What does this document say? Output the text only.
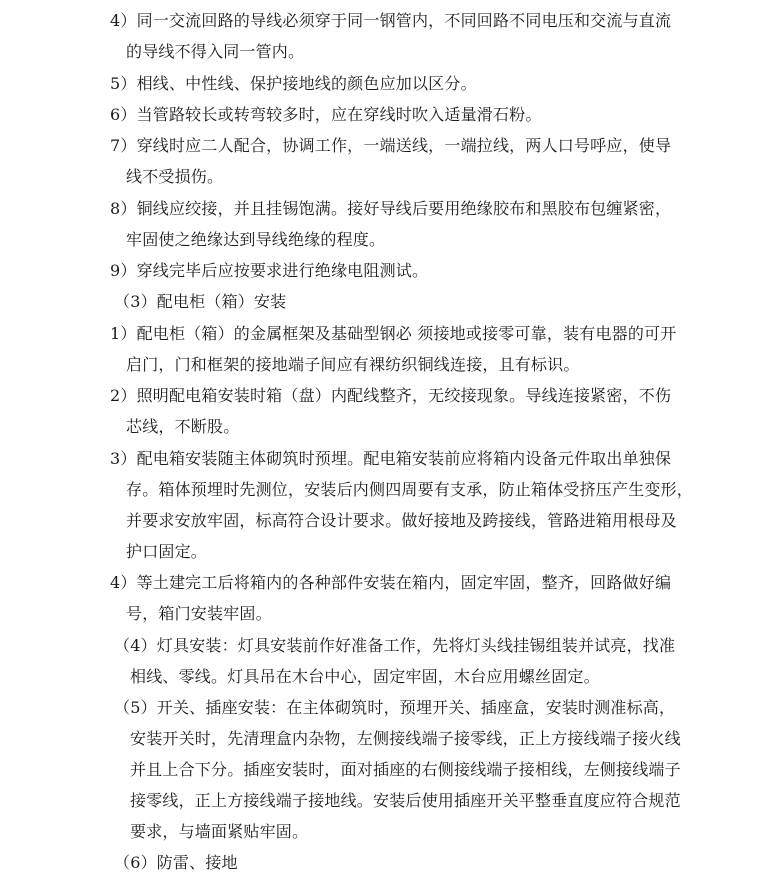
4）同一交流回路的导线必须穿于同一钢管内，不同回路不同电压和交流与直流
的导线不得入同一管内。
5）相线、中性线、保护接地线的颜色应加以区分。
6）当管路较长或转弯较多时，应在穿线时吹入适量滑石粉。
7）穿线时应二人配合，协调工作，一端送线，一端拉线，两人口号呼应，使导
线不受损伤。
8）铜线应绞接，并且挂锡饱满。接好导线后要用绝缘胶布和黑胶布包缠紧密，
牢固使之绝缘达到导线绝缘的程度。
9）穿线完毕后应按要求进行绝缘电阻测试。
（3）配电柜（箱）安装
1）配电柜（箱）的金属框架及基础型钢必 须接地或接零可靠，装有电器的可开
启门，门和框架的接地端子间应有裸纺织铜线连接，且有标识。
2）照明配电箱安装时箱（盘）内配线整齐，无绞接现象。导线连接紧密，不伤
芯线，不断股。
3）配电箱安装随主体砌筑时预埋。配电箱安装前应将箱内设备元件取出单独保
存。箱体预埋时先测位，安装后内侧四周要有支承，防止箱体受挤压产生变形，
并要求安放牢固，标高符合设计要求。做好接地及跨接线，管路进箱用根母及
护口固定。
4）等土建完工后将箱内的各种部件安装在箱内，固定牢固，整齐，回路做好编
号，箱门安装牢固。
（4）灯具安装：灯具安装前作好准备工作，先将灯头线挂锡组装并试亮，找准
相线、零线。灯具吊在木台中心，固定牢固，木台应用螺丝固定。
（5）开关、插座安装：在主体砌筑时，预埋开关、插座盒，安装时测准标高，
安装开关时，先清理盒内杂物，左侧接线端子接零线，正上方接线端子接火线
并且上合下分。插座安装时，面对插座的右侧接线端子接相线，左侧接线端子
接零线，正上方接线端子接地线。安装后使用插座开关平整垂直度应符合规范
要求，与墙面紧贴牢固。
（6）防雷、接地
